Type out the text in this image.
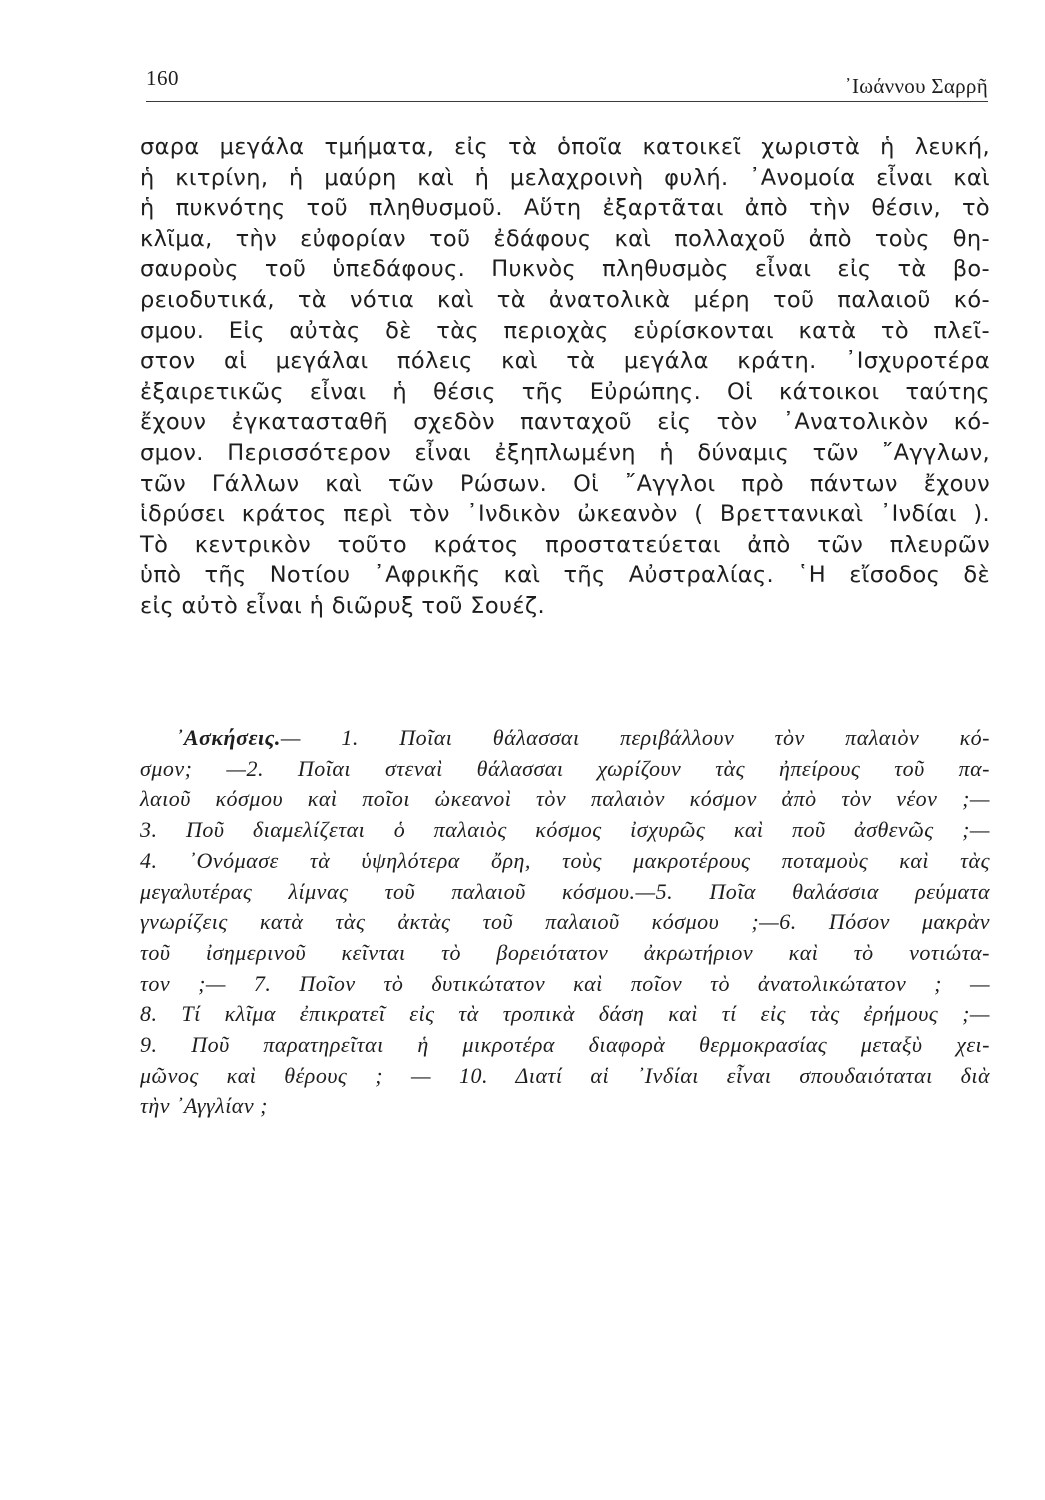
160	᾿Ιωάννου Σαρρῆ
σαρα μεγάλα τμήματα, εἰς τὰ ὁποῖα κατοικεῖ χωριστὰ ἡ λευκή,
ἡ κιτρίνη, ἡ μαύρη καὶ ἡ μελαχροινὴ φυλή. ᾿Ανομοία εἶναι καὶ
ἡ πυκνότης τοῦ πληθυσμοῦ. Αὕτη ἐξαρτᾶται ἀπὸ τὴν θέσιν, τὸ
κλῖμα, τὴν εὐφορίαν τοῦ ἐδάφους καὶ πολλαχοῦ ἀπὸ τοὺς θη-
σαυροὺς τοῦ ὑπεδάφους. Πυκνὸς πληθυσμὸς εἶναι εἰς τὰ βο-
ρειοδυτικά, τὰ νότια καὶ τὰ ἀνατολικὰ μέρη τοῦ παλαιοῦ κό-
σμου. Εἰς αὐτὰς δὲ τὰς περιοχὰς εὑρίσκονται κατὰ τὸ πλεῖ-
στον αἱ μεγάλαι πόλεις καὶ τὰ μεγάλα κράτη. ᾿Ισχυροτέρα
ἐξαιρετικῶς εἶναι ἡ θέσις τῆς Εὐρώπης. Οἱ κάτοικοι ταύτης
ἔχουν ἐγκατασταθῆ σχεδὸν πανταχοῦ εἰς τὸν ᾿Ανατολικὸν κό-
σμον. Περισσότερον εἶναι ἐξηπλωμένη ἡ δύναμις τῶν ῎Αγγλων,
τῶν Γάλλων καὶ τῶν Ρώσων. Οἱ ῎Αγγλοι πρὸ πάντων ἔχουν
ἱδρύσει κράτος περὶ τὸν ᾿Ινδικὸν ὠκεανὸν ( Βρεττανικαὶ ᾿Ινδίαι ).
Τὸ κεντρικὸν τοῦτο κράτος προστατεύεται ἀπὸ τῶν πλευρῶν
ὑπὸ τῆς Νοτίου ᾿Αφρικῆς καὶ τῆς Αὐστραλίας. ῾Η εἴσοδος δὲ
εἰς αὐτὸ εἶναι ἡ διῶρυξ τοῦ Σουέζ.
᾿Ασκήσεις.— 1. Ποῖαι θάλασσαι περιβάλλουν τὸν παλαιὸν κό-
σμον; —2. Ποῖαι στεναὶ θάλασσαι χωρίζουν τὰς ἠπείρους τοῦ πα-
λαιοῦ κόσμου καὶ ποῖοι ὠκεανοὶ τὸν παλαιὸν κόσμον ἀπὸ τὸν νέον ;—
3. Ποῦ διαμελίζεται ὁ παλαιὸς κόσμος ἰσχυρῶς καὶ ποῦ ἀσθενῶς ;—
4. ᾿Ονόμασε τὰ ὑψηλότερα ὄρη, τοὺς μακροτέρους ποταμοὺς καὶ τὰς
μεγαλυτέρας λίμνας τοῦ παλαιοῦ κόσμου.—5. Ποῖα θαλάσσια ρεύματα
γνωρίζεις κατὰ τὰς ἀκτὰς τοῦ παλαιοῦ κόσμου ;—6. Πόσον μακρὰν
τοῦ ἰσημερινοῦ κεῖνται τὸ βορειότατον ἀκρωτήριον καὶ τὸ νοτιώτα-
τον ;— 7. Ποῖον τὸ δυτικώτατον καὶ ποῖον τὸ ἀνατολικώτατον ; —
8. Τί κλῖμα ἐπικρατεῖ εἰς τὰ τροπικὰ δάση καὶ τί εἰς τὰς ἐρήμους ;—
9. Ποῦ παρατηρεῖται ἡ μικροτέρα διαφορὰ θερμοκρασίας μεταξὺ χει-
μῶνος καὶ θέρους ; — 10. Διατί αἱ ᾿Ινδίαι εἶναι σπουδαιόταται διὰ
τὴν ᾿Αγγλίαν ;
